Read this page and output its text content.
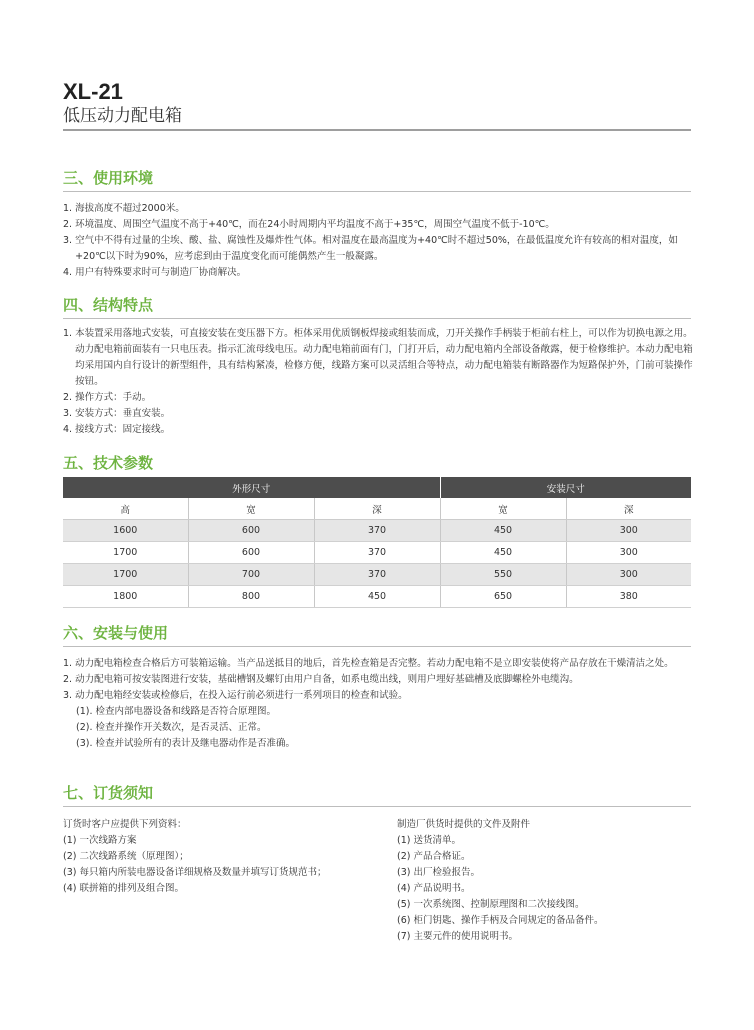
XL-21
低压动力配电箱
三、使用环境
1. 海拔高度不超过2000米。
2. 环境温度、周围空气温度不高于+40℃，而在24小时周期内平均温度不高于+35℃，周围空气温度不低于-10℃。
3. 空气中不得有过量的尘埃、酸、盐、腐蚀性及爆炸性气体。相对温度在最高温度为+40℃时不超过50%，在最低温度允许有较高的相对温度，如+20℃以下时为90%，应考虑到由于温度变化而可能偶然产生一般凝露。
4. 用户有特殊要求时可与制造厂协商解决。
四、结构特点
1. 本装置采用落地式安装，可直接安装在变压器下方。柜体采用优质钢板焊接或组装而成，刀开关操作手柄装于柜前右柱上，可以作为切换电源之用。动力配电箱前面装有一只电压表。指示汇流母线电压。动力配电箱前面有门，门打开后，动力配电箱内全部设备敞露，便于检修维护。本动力配电箱均采用国内自行设计的新型组件，具有结构紧凑，检修方便，线路方案可以灵活组合等特点，动力配电箱装有断路器作为短路保护外，门前可装操作按钮。
2. 操作方式：手动。
3. 安装方式：垂直安装。
4. 接线方式：固定接线。
五、技术参数
外形尺寸			安装尺寸	
高	宽	深	宽	深
1600	600	370	450	300
1700	600	370	450	300
1700	700	370	550	300
1800	800	450	650	380
六、安装与使用
1. 动力配电箱检查合格后方可装箱运输。当产品送抵目的地后，首先检查箱是否完整。若动力配电箱不是立即安装使将产品存放在干燥清洁之处。
2. 动力配电箱可按安装图进行安装，基础槽钢及螺钉由用户自备，如系电缆出线，则用户埋好基础槽及底脚螺栓外电缆沟。
3. 动力配电箱经安装或检修后，在投入运行前必须进行一系列项目的检查和试验。
(1). 检查内部电器设备和线路是否符合原理图。
(2). 检查并操作开关数次，是否灵活、正常。
(3). 检查并试验所有的表计及继电器动作是否准确。
七、订货须知
订货时客户应提供下列资料：
(1) 一次线路方案
(2) 二次线路系统（原理图）；
(3) 每只箱内所装电器设备详细规格及数量并填写订货规范书；
(4) 联拼箱的排列及组合图。
制造厂供货时提供的文件及附件
(1) 送货清单。
(2) 产品合格证。
(3) 出厂检验报告。
(4) 产品说明书。
(5) 一次系统图、控制原理图和二次接线图。
(6) 柜门钥匙、操作手柄及合同规定的备品备件。
(7) 主要元件的使用说明书。
